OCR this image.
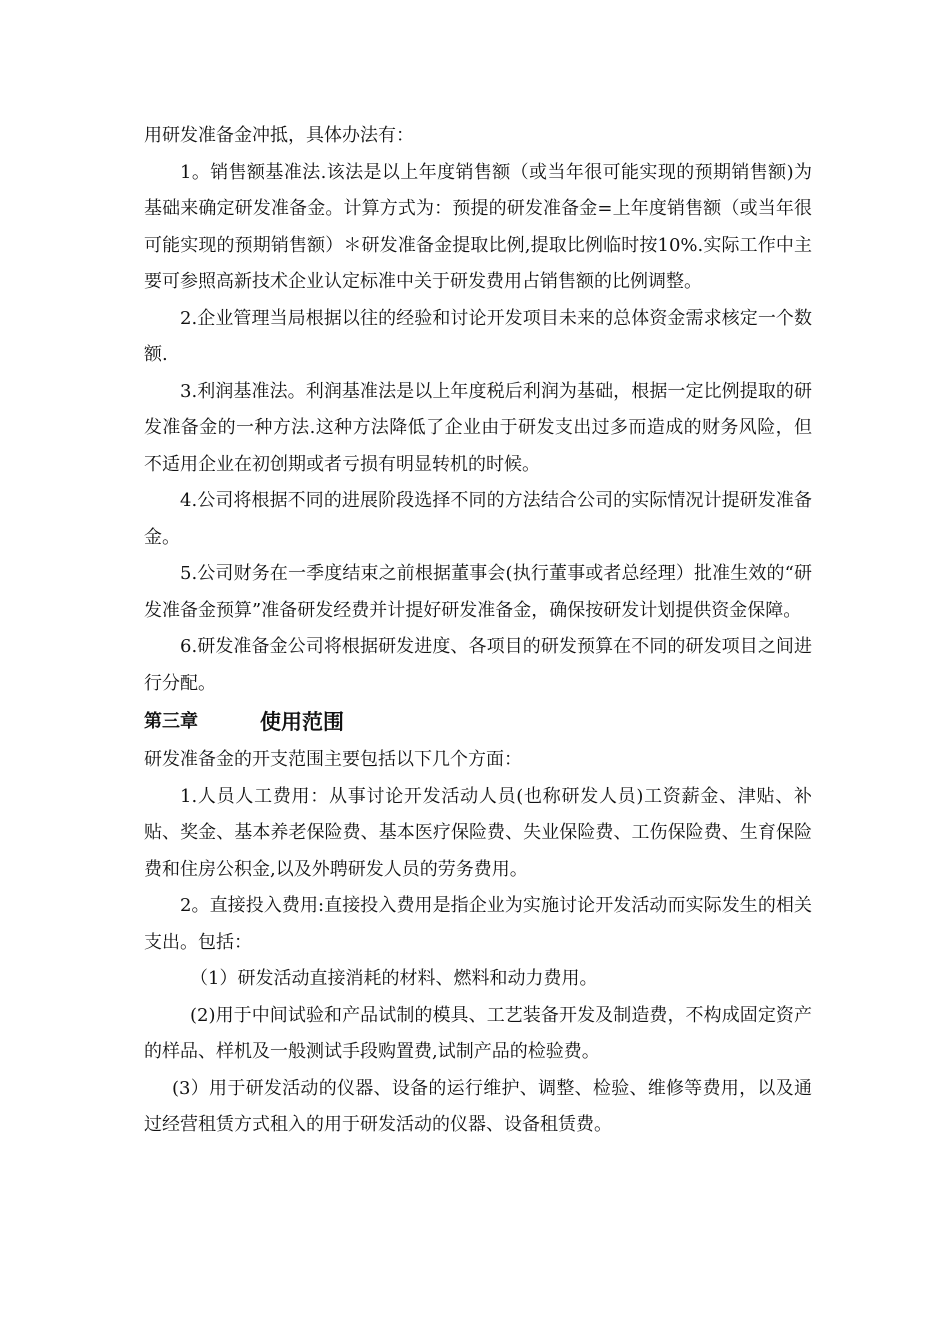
用研发准备金冲抵，具体办法有：

1。销售额基准法.该法是以上年度销售额（或当年很可能实现的预期销售额)为基础来确定研发准备金。计算方式为：预提的研发准备金=上年度销售额（或当年很可能实现的预期销售额）＊研发准备金提取比例,提取比例临时按10%.实际工作中主要可参照高新技术企业认定标准中关于研发费用占销售额的比例调整。

2.企业管理当局根据以往的经验和讨论开发项目未来的总体资金需求核定一个数额.

3.利润基准法。利润基准法是以上年度税后利润为基础，根据一定比例提取的研发准备金的一种方法.这种方法降低了企业由于研发支出过多而造成的财务风险，但不适用企业在初创期或者亏损有明显转机的时候。

4.公司将根据不同的进展阶段选择不同的方法结合公司的实际情况计提研发准备金。

5.公司财务在一季度结束之前根据董事会(执行董事或者总经理）批准生效的“研发准备金预算”准备研发经费并计提好研发准备金，确保按研发计划提供资金保障。

6.研发准备金公司将根据研发进度、各项目的研发预算在不同的研发项目之间进行分配。

第三章	使用范围

研发准备金的开支范围主要包括以下几个方面：

1.人员人工费用：从事讨论开发活动人员(也称研发人员)工资薪金、津贴、补贴、奖金、基本养老保险费、基本医疗保险费、失业保险费、工伤保险费、生育保险费和住房公积金,以及外聘研发人员的劳务费用。

2。直接投入费用:直接投入费用是指企业为实施讨论开发活动而实际发生的相关支出。包括：

（1）研发活动直接消耗的材料、燃料和动力费用。

(2)用于中间试验和产品试制的模具、工艺装备开发及制造费，不构成固定资产的样品、样机及一般测试手段购置费,试制产品的检验费。

(3）用于研发活动的仪器、设备的运行维护、调整、检验、维修等费用，以及通过经营租赁方式租入的用于研发活动的仪器、设备租赁费。
